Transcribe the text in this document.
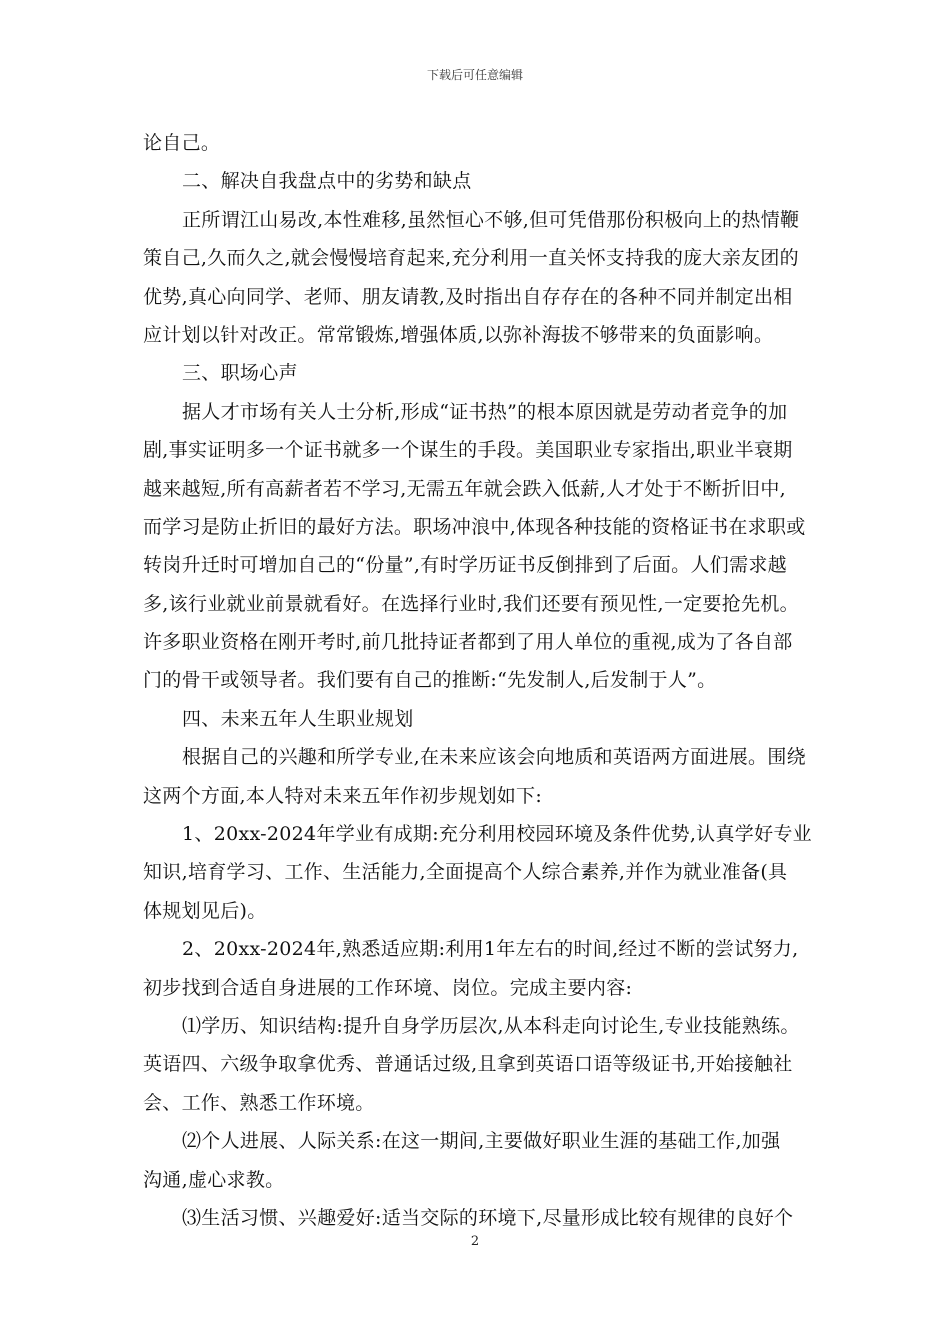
下载后可任意编辑
论自己。
二、解决自我盘点中的劣势和缺点
正所谓江山易改,本性难移,虽然恒心不够,但可凭借那份积极向上的热情鞭
策自己,久而久之,就会慢慢培育起来,充分利用一直关怀支持我的庞大亲友团的
优势,真心向同学、老师、朋友请教,及时指出自存存在的各种不同并制定出相
应计划以针对改正。常常锻炼,增强体质,以弥补海拔不够带来的负面影响。
三、职场心声
据人才市场有关人士分析,形成“证书热”的根本原因就是劳动者竞争的加
剧,事实证明多一个证书就多一个谋生的手段。美国职业专家指出,职业半衰期
越来越短,所有高薪者若不学习,无需五年就会跌入低薪,人才处于不断折旧中,
而学习是防止折旧的最好方法。职场冲浪中,体现各种技能的资格证书在求职或
转岗升迁时可增加自己的“份量”,有时学历证书反倒排到了后面。人们需求越
多,该行业就业前景就看好。在选择行业时,我们还要有预见性,一定要抢先机。
许多职业资格在刚开考时,前几批持证者都到了用人单位的重视,成为了各自部
门的骨干或领导者。我们要有自己的推断:“先发制人,后发制于人”。
四、未来五年人生职业规划
根据自己的兴趣和所学专业,在未来应该会向地质和英语两方面进展。围绕
这两个方面,本人特对未来五年作初步规划如下:
1、20xx-2024年学业有成期:充分利用校园环境及条件优势,认真学好专业
知识,培育学习、工作、生活能力,全面提高个人综合素养,并作为就业准备(具
体规划见后)。
2、20xx-2024年,熟悉适应期:利用1年左右的时间,经过不断的尝试努力,
初步找到合适自身进展的工作环境、岗位。完成主要内容:
⑴学历、知识结构:提升自身学历层次,从本科走向讨论生,专业技能熟练。
英语四、六级争取拿优秀、普通话过级,且拿到英语口语等级证书,开始接触社
会、工作、熟悉工作环境。
⑵个人进展、人际关系:在这一期间,主要做好职业生涯的基础工作,加强
沟通,虚心求教。
⑶生活习惯、兴趣爱好:适当交际的环境下,尽量形成比较有规律的良好个
2
